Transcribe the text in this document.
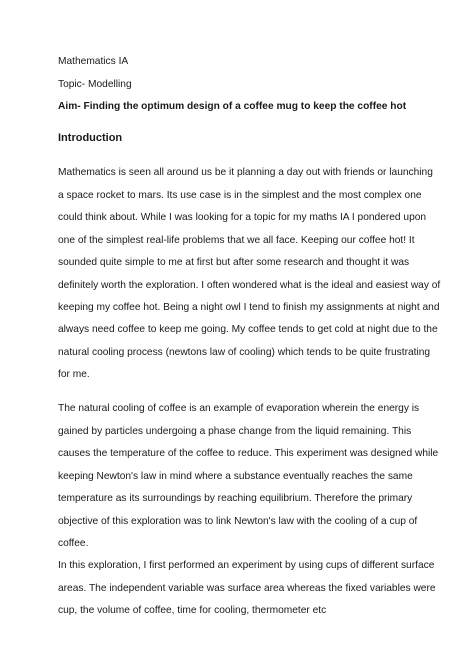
Mathematics IA
Topic- Modelling
Aim- Finding the optimum design of a coffee mug to keep the coffee hot
Introduction
Mathematics is seen all around us be it planning a day out with friends or launching
a space rocket to mars. Its use case is in the simplest and the most complex one
could think about. While I was looking for a topic for my maths IA I pondered upon
one of the simplest real-life problems that we all face. Keeping our coffee hot! It
sounded quite simple to me at first but after some research and thought it was
definitely worth the exploration. I often wondered what is the ideal and easiest way of
keeping my coffee hot. Being a night owl I tend to finish my assignments at night and
always need coffee to keep me going. My coffee tends to get cold at night due to the
natural cooling process (newtons law of cooling) which tends to be quite frustrating
for me.
The natural cooling of coffee is an example of evaporation wherein the energy is
gained by particles undergoing a phase change from the liquid remaining. This
causes the temperature of the coffee to reduce. This experiment was designed while
keeping Newton's law in mind where a substance eventually reaches the same
temperature as its surroundings by reaching equilibrium. Therefore the primary
objective of this exploration was to link Newton's law with the cooling of a cup of
coffee.
In this exploration, I first performed an experiment by using cups of different surface
areas. The independent variable was surface area whereas the fixed variables were
cup, the volume of coffee, time for cooling, thermometer etc
